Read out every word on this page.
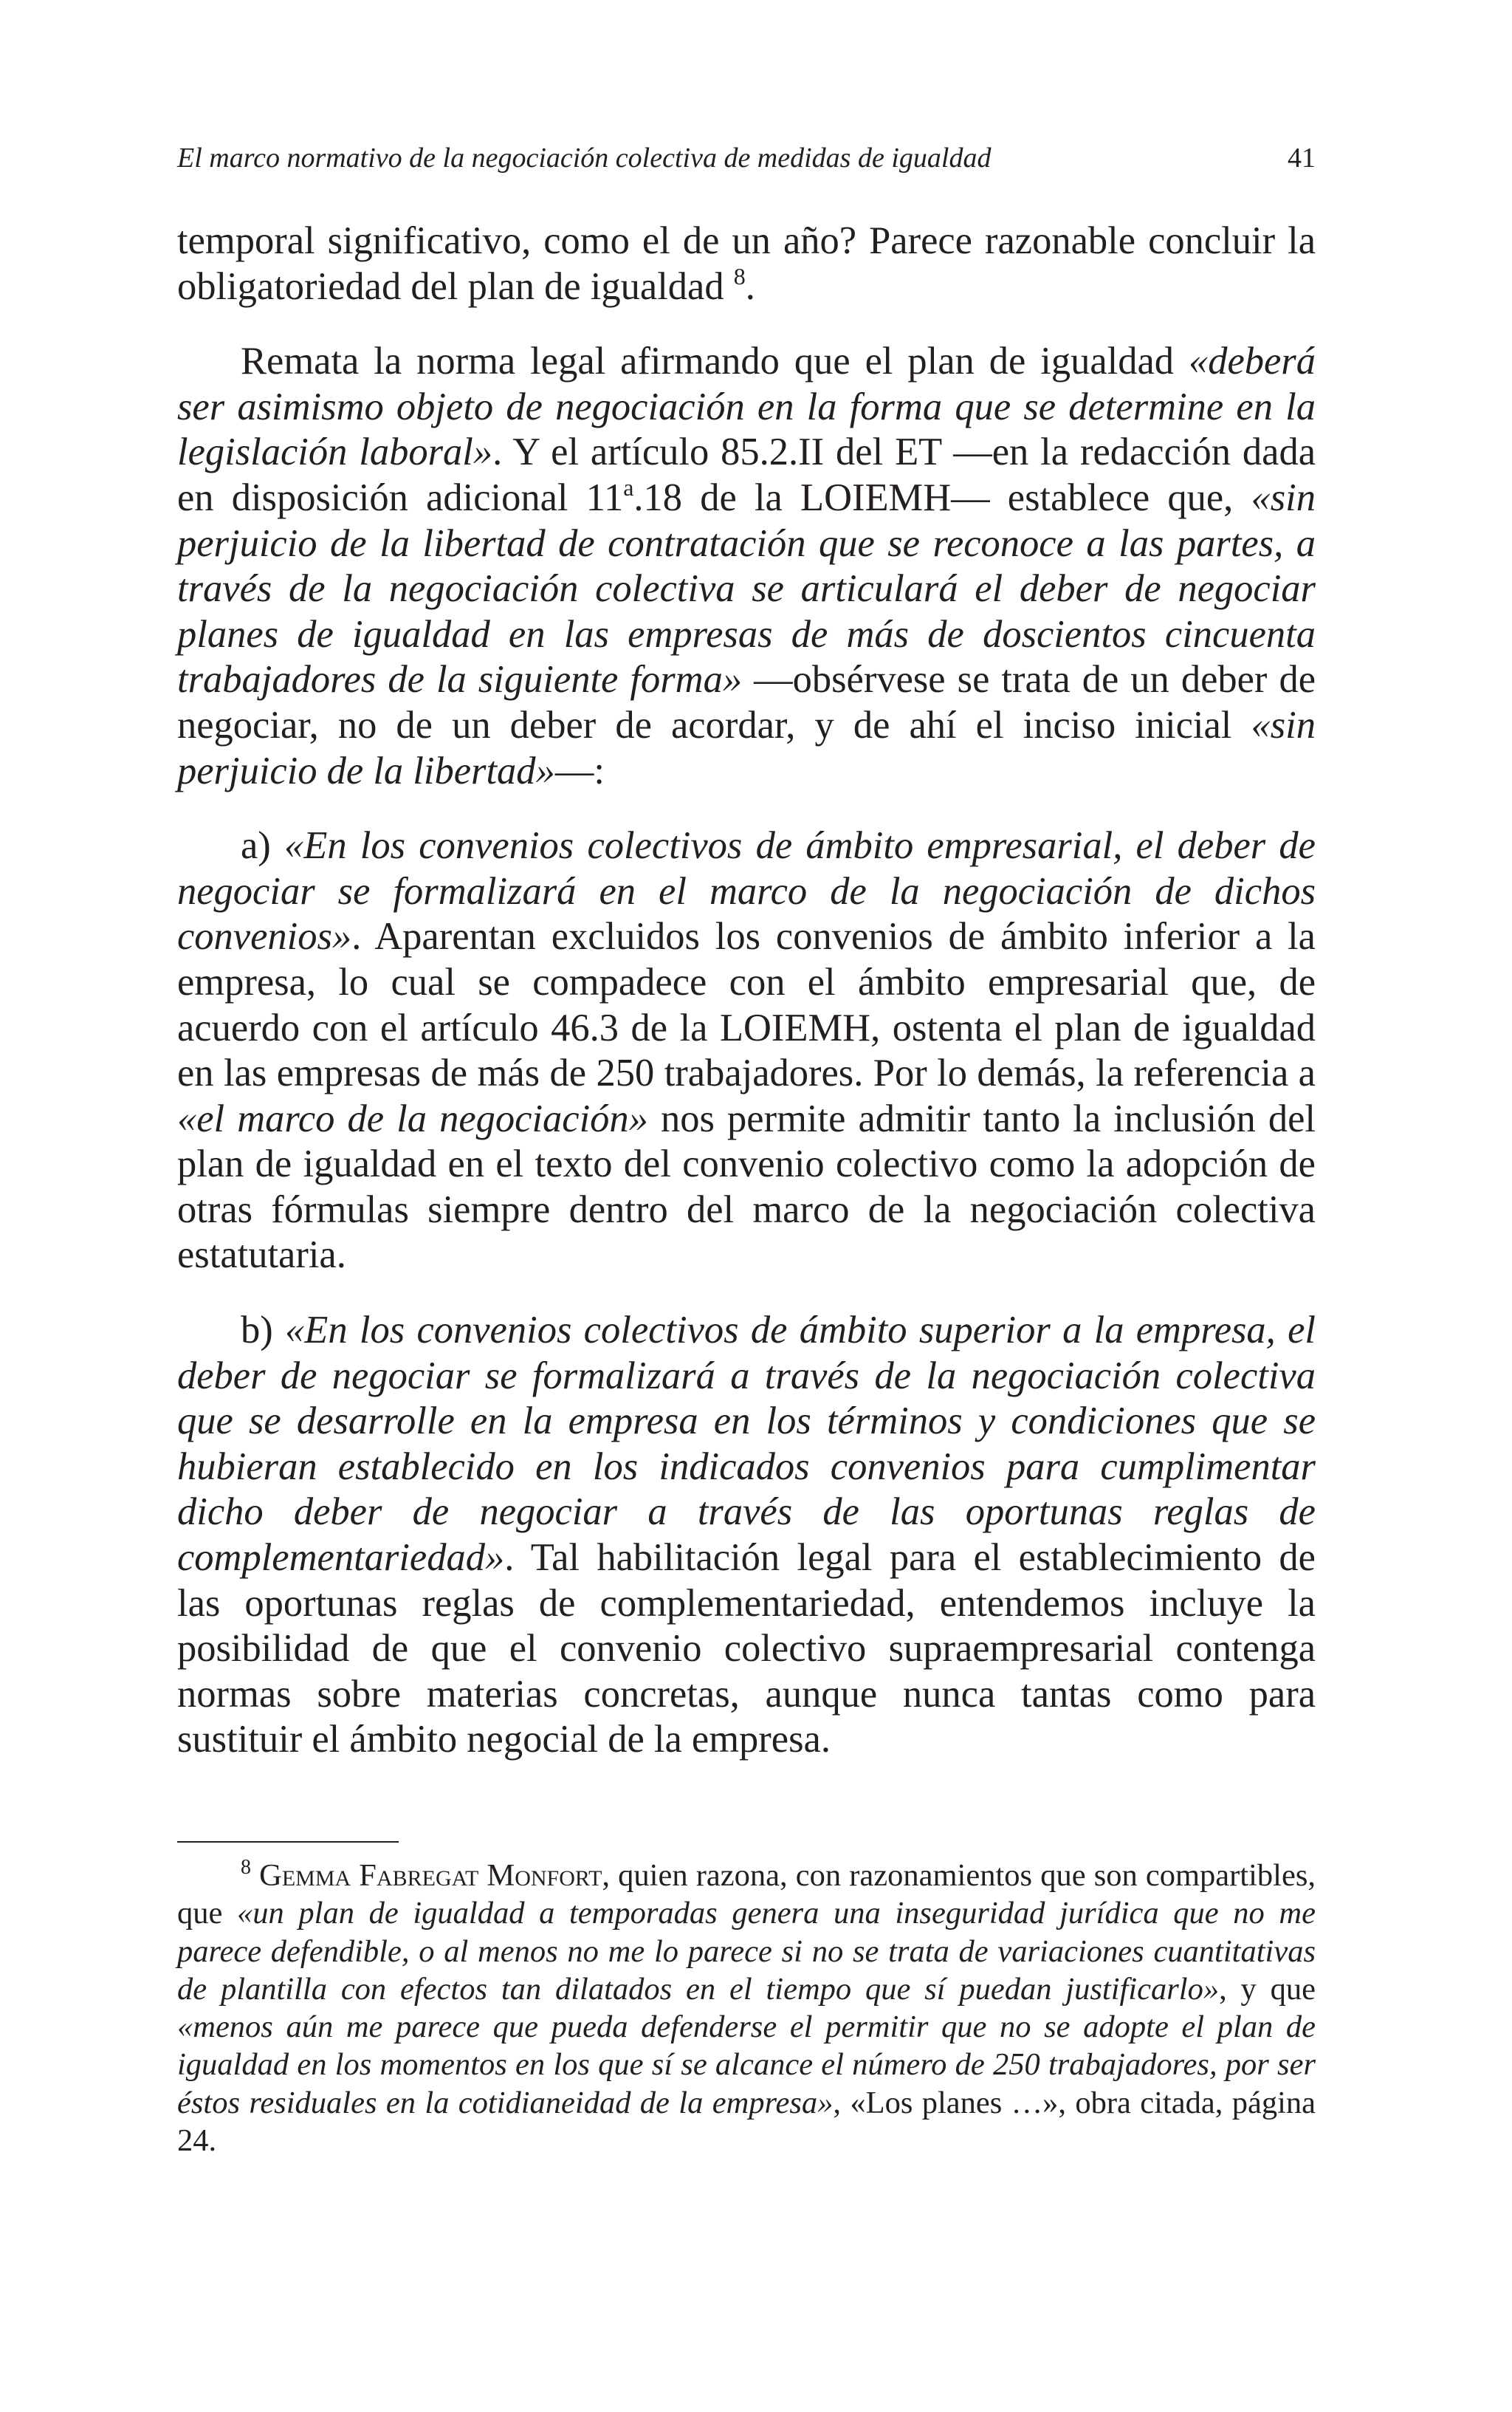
El marco normativo de la negociación colectiva de medidas de igualdad	41

temporal significativo, como el de un año? Parece razonable concluir la obligatoriedad del plan de igualdad $^8$.

Remata la norma legal afirmando que el plan de igualdad «deberá ser asimismo objeto de negociación en la forma que se determine en la legislación laboral». Y el artículo 85.2.II del ET —en la redacción dada en disposición adicional 11$^a$.18 de la LOIEMH— establece que, «sin perjuicio de la libertad de contratación que se reconoce a las partes, a través de la negociación colectiva se articulará el deber de negociar planes de igualdad en las empresas de más de doscientos cincuenta trabajadores de la siguiente forma» —obsérvese se trata de un deber de negociar, no de un deber de acordar, y de ahí el inciso inicial «sin perjuicio de la libertad»—:

a) «En los convenios colectivos de ámbito empresarial, el deber de negociar se formalizará en el marco de la negociación de dichos convenios». Aparentan excluidos los convenios de ámbito inferior a la empresa, lo cual se compadece con el ámbito empresarial que, de acuerdo con el artículo 46.3 de la LOIEMH, ostenta el plan de igualdad en las empresas de más de 250 trabajadores. Por lo demás, la referencia a «el marco de la negociación» nos permite admitir tanto la inclusión del plan de igualdad en el texto del convenio colectivo como la adopción de otras fórmulas siempre dentro del marco de la negociación colectiva estatutaria.

b) «En los convenios colectivos de ámbito superior a la empresa, el deber de negociar se formalizará a través de la negociación colectiva que se desarrolle en la empresa en los términos y condiciones que se hubieran establecido en los indicados convenios para cumplimentar dicho deber de negociar a través de las oportunas reglas de complementariedad». Tal habilitación legal para el establecimiento de las oportunas reglas de complementariedad, entendemos incluye la posibilidad de que el convenio colectivo supraempresarial contenga normas sobre materias concretas, aunque nunca tantas como para sustituir el ámbito negocial de la empresa.

$^8$ Gemma Fabregat Monfort, quien razona, con razonamientos que son compartibles, que «un plan de igualdad a temporadas genera una inseguridad jurídica que no me parece defendible, o al menos no me lo parece si no se trata de variaciones cuantitativas de plantilla con efectos tan dilatados en el tiempo que sí puedan justificarlo», y que «menos aún me parece que pueda defenderse el permitir que no se adopte el plan de igualdad en los momentos en los que sí se alcance el número de 250 trabajadores, por ser éstos residuales en la cotidianeidad de la empresa», «Los planes …», obra citada, página 24.
